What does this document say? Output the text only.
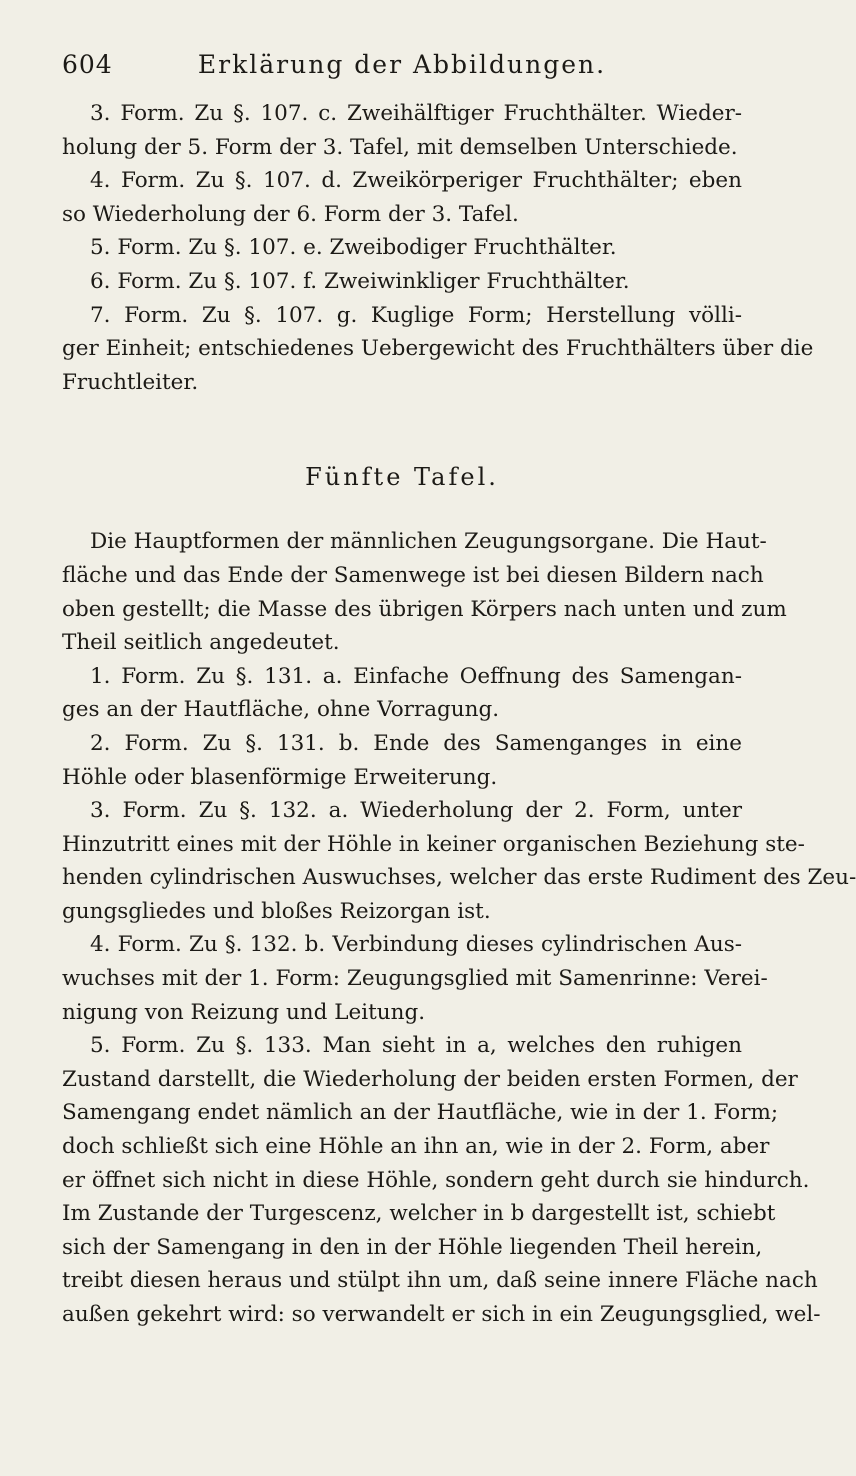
604	Erklärung der Abbildungen.
3. Form. Zu §. 107. c. Zweihälftiger Fruchthälter. Wieder-
holung der 5. Form der 3. Tafel, mit demselben Unterschiede.
4. Form. Zu §. 107. d. Zweikörperiger Fruchthälter; eben
so Wiederholung der 6. Form der 3. Tafel.
5. Form. Zu §. 107. e. Zweibodiger Fruchthälter.
6. Form. Zu §. 107. f. Zweiwinkliger Fruchthälter.
7. Form. Zu §. 107. g. Kuglige Form; Herstellung völli-
ger Einheit; entschiedenes Uebergewicht des Fruchthälters über die
Fruchtleiter.
Fünfte Tafel.
Die Hauptformen der männlichen Zeugungsorgane. Die Haut-
fläche und das Ende der Samenwege ist bei diesen Bildern nach
oben gestellt; die Masse des übrigen Körpers nach unten und zum
Theil seitlich angedeutet.
1. Form. Zu §. 131. a. Einfache Oeffnung des Samengan-
ges an der Hautfläche, ohne Vorragung.
2. Form. Zu §. 131. b. Ende des Samenganges in eine
Höhle oder blasenförmige Erweiterung.
3. Form. Zu §. 132. a. Wiederholung der 2. Form, unter
Hinzutritt eines mit der Höhle in keiner organischen Beziehung ste-
henden cylindrischen Auswuchses, welcher das erste Rudiment des Zeu-
gungsgliedes und bloßes Reizorgan ist.
4. Form. Zu §. 132. b. Verbindung dieses cylindrischen Aus-
wuchses mit der 1. Form: Zeugungsglied mit Samenrinne: Verei-
nigung von Reizung und Leitung.
5. Form. Zu §. 133. Man sieht in a, welches den ruhigen
Zustand darstellt, die Wiederholung der beiden ersten Formen, der
Samengang endet nämlich an der Hautfläche, wie in der 1. Form;
doch schließt sich eine Höhle an ihn an, wie in der 2. Form, aber
er öffnet sich nicht in diese Höhle, sondern geht durch sie hindurch.
Im Zustande der Turgescenz, welcher in b dargestellt ist, schiebt
sich der Samengang in den in der Höhle liegenden Theil herein,
treibt diesen heraus und stülpt ihn um, daß seine innere Fläche nach
außen gekehrt wird: so verwandelt er sich in ein Zeugungsglied, wel-
